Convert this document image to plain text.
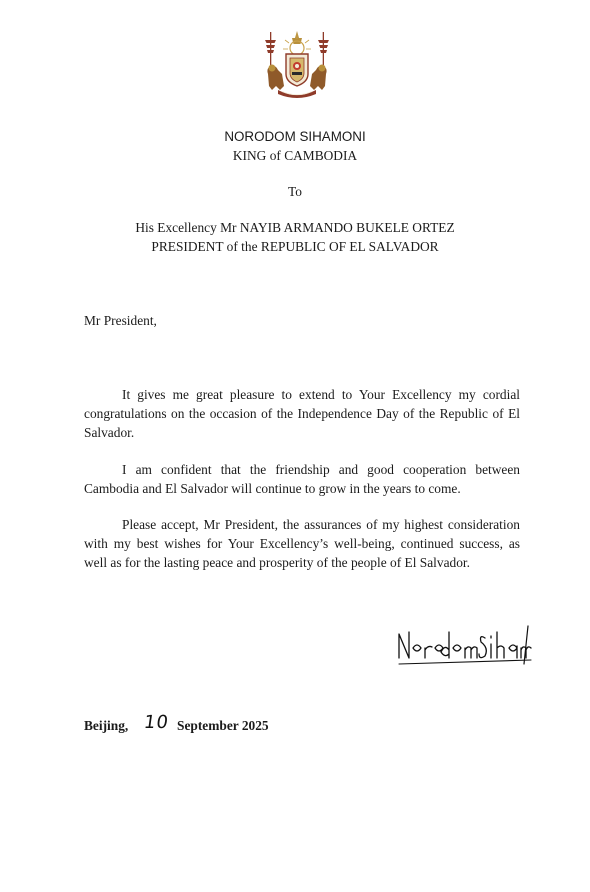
NORODOM SIHAMONI
KING of CAMBODIA
To
His Excellency Mr NAYIB ARMANDO BUKELE ORTEZ
PRESIDENT of the REPUBLIC OF EL SALVADOR
Mr President,

It gives me great pleasure to extend to Your Excellency my cordial congratulations on the occasion of the Independence Day of the Republic of El Salvador.

I am confident that the friendship and good cooperation between Cambodia and El Salvador will continue to grow in the years to come.

Please accept, Mr President, the assurances of my highest consideration with my best wishes for Your Excellency’s well-being, continued success, as well as for the lasting peace and prosperity of the people of El Salvador.

Beijing, 10 September 2025
